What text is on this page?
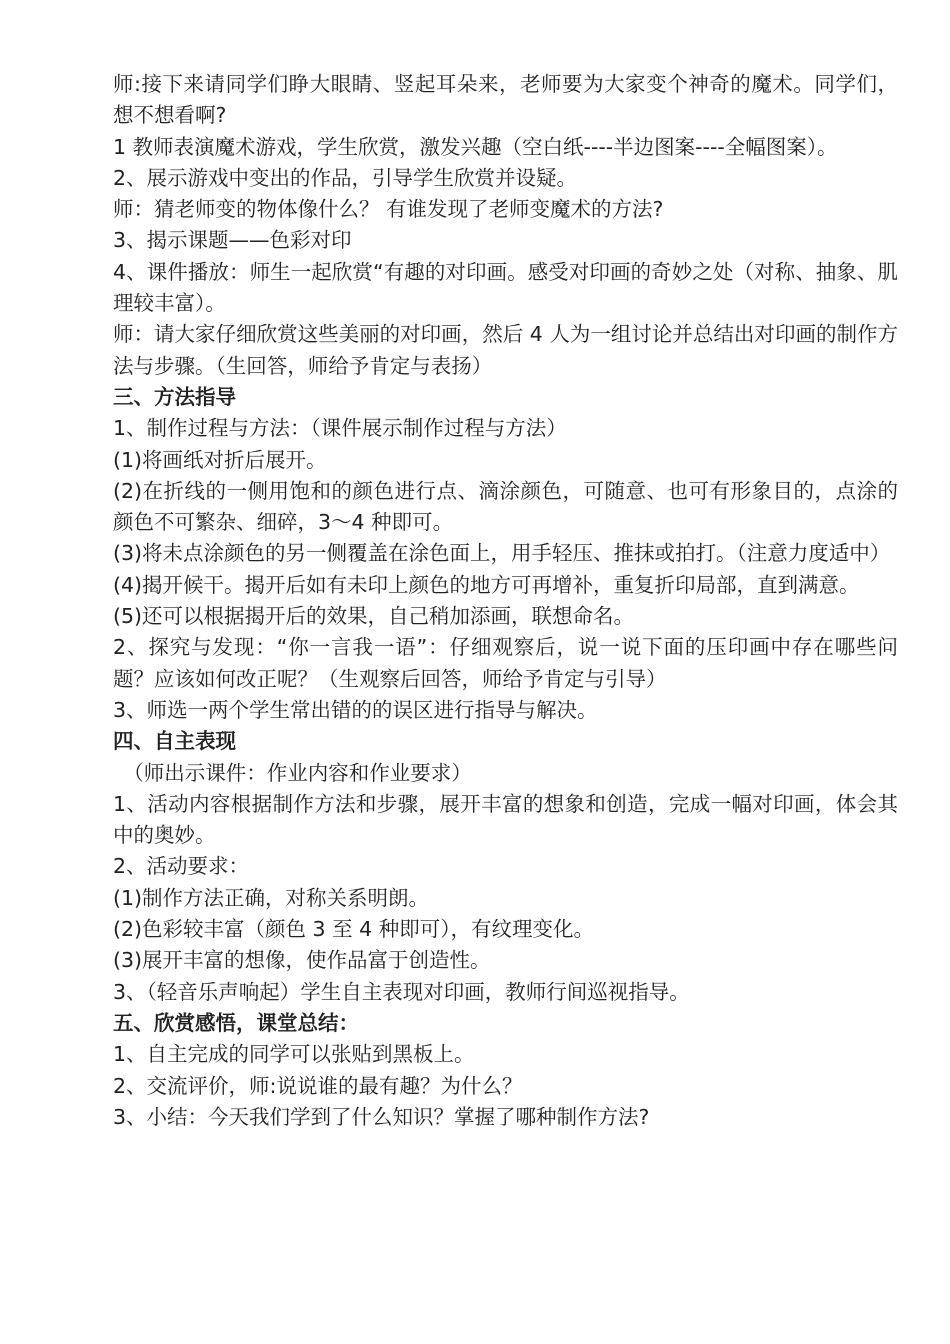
师:接下来请同学们睁大眼睛、竖起耳朵来，老师要为大家变个神奇的魔术。同学们，想不想看啊?

1 教师表演魔术游戏，学生欣赏，激发兴趣（空白纸----半边图案----全幅图案）。

2、展示游戏中变出的作品，引导学生欣赏并设疑。

师：猜老师变的物体像什么？ 有谁发现了老师变魔术的方法?

3、揭示课题——色彩对印

4、课件播放：师生一起欣赏“有趣的对印画。感受对印画的奇妙之处（对称、抽象、肌理较丰富）。

师：请大家仔细欣赏这些美丽的对印画，然后 4 人为一组讨论并总结出对印画的制作方法与步骤。（生回答，师给予肯定与表扬）

三、方法指导

1、制作过程与方法：（课件展示制作过程与方法）

(1)将画纸对折后展开。

(2)在折线的一侧用饱和的颜色进行点、滴涂颜色，可随意、也可有形象目的，点涂的颜色不可繁杂、细碎，3～4 种即可。

(3)将未点涂颜色的另一侧覆盖在涂色面上，用手轻压、推抹或拍打。（注意力度适中）

(4)揭开候干。揭开后如有未印上颜色的地方可再增补，重复折印局部，直到满意。

(5)还可以根据揭开后的效果，自己稍加添画，联想命名。

2、探究与发现：“你一言我一语”：仔细观察后，说一说下面的压印画中存在哪些问题？应该如何改正呢？（生观察后回答，师给予肯定与引导）

3、师选一两个学生常出错的的误区进行指导与解决。

四、自主表现

（师出示课件：作业内容和作业要求）

1、活动内容根据制作方法和步骤，展开丰富的想象和创造，完成一幅对印画，体会其中的奥妙。

2、活动要求：

(1)制作方法正确，对称关系明朗。

(2)色彩较丰富（颜色 3 至 4 种即可），有纹理变化。

(3)展开丰富的想像，使作品富于创造性。

3、（轻音乐声响起）学生自主表现对印画，教师行间巡视指导。

五、欣赏感悟，课堂总结：

1、自主完成的同学可以张贴到黑板上。

2、交流评价，师:说说谁的最有趣？为什么？

3、小结：今天我们学到了什么知识？掌握了哪种制作方法?
